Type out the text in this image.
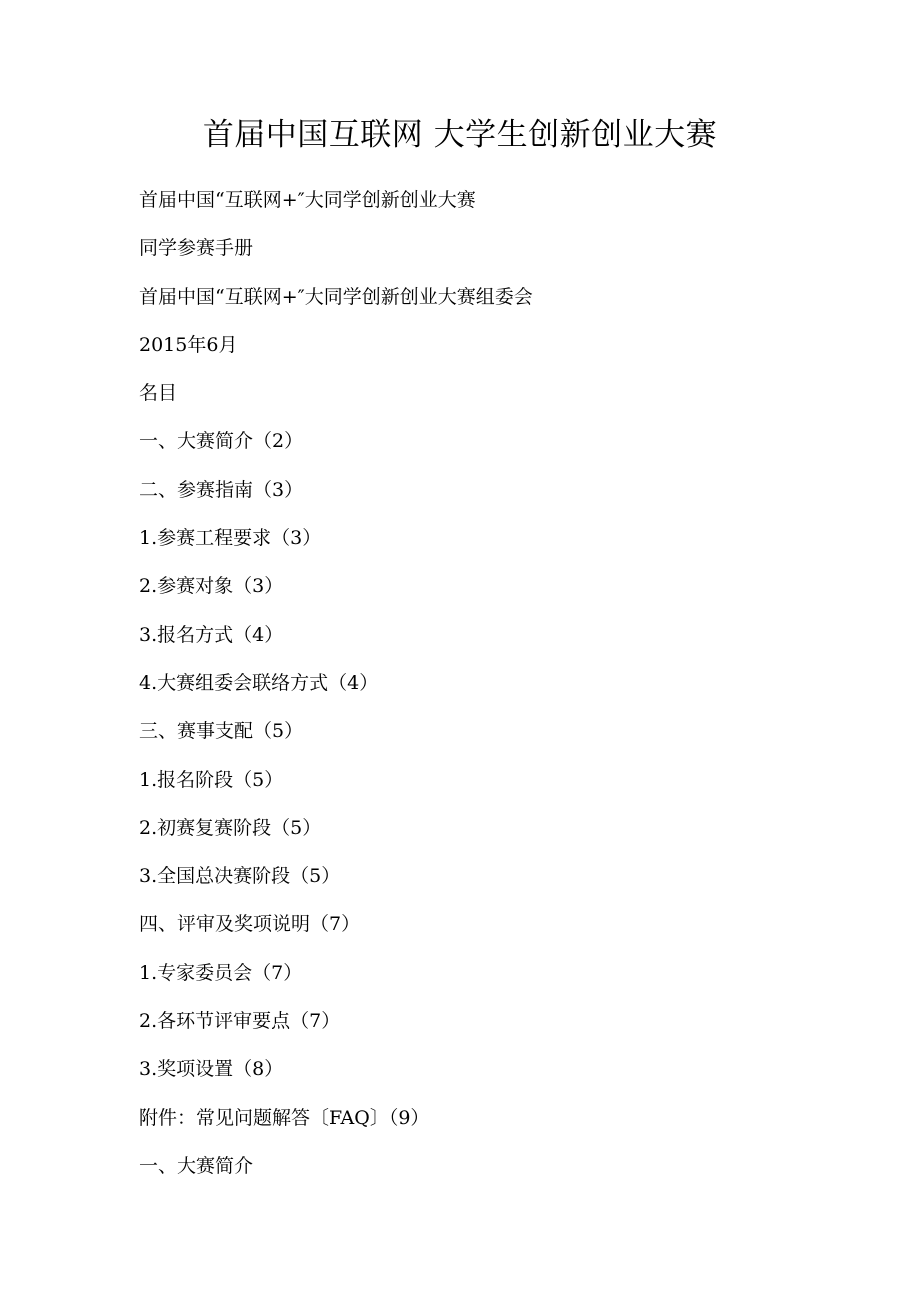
首届中国互联网 大学生创新创业大赛
首届中国“互联网+″大同学创新创业大赛
同学参赛手册
首届中国“互联网+″大同学创新创业大赛组委会
2015年6月
名目
一、大赛简介（2）
二、参赛指南（3）
1.参赛工程要求（3）
2.参赛对象（3）
3.报名方式（4）
4.大赛组委会联络方式（4）
三、赛事支配（5）
1.报名阶段（5）
2.初赛复赛阶段（5）
3.全国总决赛阶段（5）
四、评审及奖项说明（7）
1.专家委员会（7）
2.各环节评审要点（7）
3.奖项设置（8）
附件：常见问题解答〔FAQ〕（9）
一、大赛简介
